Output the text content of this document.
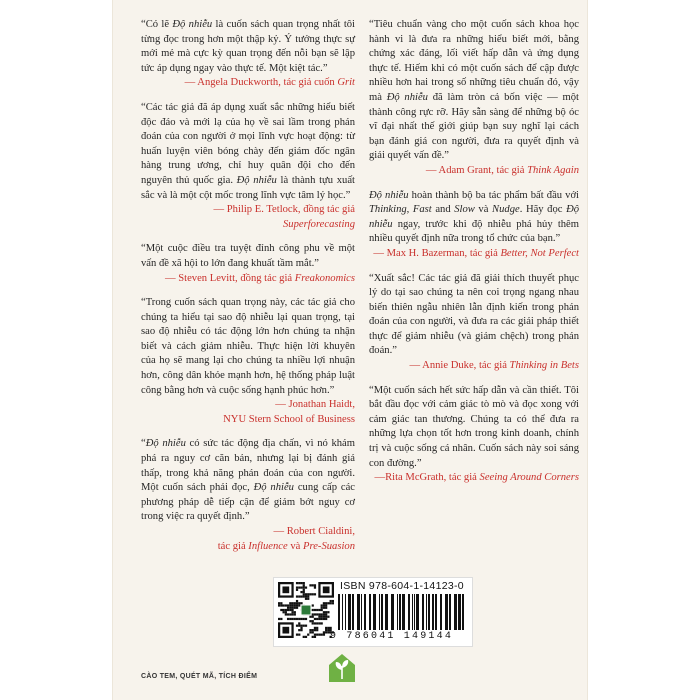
“Có lẽ Độ nhiễu là cuốn sách quan trọng nhất tôi từng đọc trong hơn một thập kỷ. Ý tưởng thực sự mới mẻ mà cực kỳ quan trọng đến nỗi bạn sẽ lập tức áp dụng ngay vào thực tế. Một kiệt tác.”
— Angela Duckworth, tác giả cuốn Grit
“Các tác giả đã áp dụng xuất sắc những hiểu biết độc đáo và mới lạ của họ về sai lầm trong phán đoán của con người ở mọi lĩnh vực hoạt động: từ huấn luyện viên bóng chày đến giám đốc ngân hàng trung ương, chỉ huy quân đội cho đến nguyên thủ quốc gia. Độ nhiễu là thành tựu xuất sắc và là một cột mốc trong lĩnh vực tâm lý học.”
— Philip E. Tetlock, đồng tác giả Superforecasting
“Một cuộc điều tra tuyệt đỉnh công phu về một vấn đề xã hội to lớn đang khuất tầm mắt.”
— Steven Levitt, đồng tác giả Freakonomics
“Trong cuốn sách quan trọng này, các tác giả cho chúng ta hiểu tại sao độ nhiễu lại quan trọng, tại sao độ nhiễu có tác động lớn hơn chúng ta nhận biết và cách giảm nhiễu. Thực hiện lời khuyên của họ sẽ mang lại cho chúng ta nhiều lợi nhuận hơn, công dân khỏe mạnh hơn, hệ thống pháp luật công bằng hơn và cuộc sống hạnh phúc hơn.”
— Jonathan Haidt,
NYU Stern School of Business
“Độ nhiễu có sức tác động địa chấn, vì nó khám phá ra nguy cơ căn bản, nhưng lại bị đánh giá thấp, trong khả năng phán đoán của con người. Một cuốn sách phải đọc, Độ nhiễu cung cấp các phương pháp dễ tiếp cận để giảm bớt nguy cơ trong việc ra quyết định.”
— Robert Cialdini,
tác giả Influence và Pre-Suasion
“Tiêu chuẩn vàng cho một cuốn sách khoa học hành vi là đưa ra những hiểu biết mới, bằng chứng xác đáng, lối viết hấp dẫn và ứng dụng thực tế. Hiếm khi có một cuốn sách để cập được nhiều hơn hai trong số những tiêu chuẩn đó, vậy mà Độ nhiễu đã làm tròn cả bốn việc — một thành công rực rỡ. Hãy sẵn sàng để những bộ óc vĩ đại nhất thế giới giúp bạn suy nghĩ lại cách bạn đánh giá con người, đưa ra quyết định và giải quyết vấn đề.”
— Adam Grant, tác giả Think Again
Độ nhiễu hoàn thành bộ ba tác phẩm bất đầu với Thinking, Fast and Slow và Nudge. Hãy đọc Độ nhiễu ngay, trước khi độ nhiễu phá hủy thêm nhiều quyết định nữa trong tổ chức của bạn.”
— Max H. Bazerman, tác giả Better, Not Perfect
“Xuất sắc! Các tác giả đã giải thích thuyết phục lý do tại sao chúng ta nên coi trọng ngang nhau biến thiên ngẫu nhiên lẫn định kiến trong phán đoán của con người, và đưa ra các giải pháp thiết thực để giảm nhiễu (và giảm chệch) trong phán đoán.”
— Annie Duke, tác giả Thinking in Bets
“Một cuốn sách hết sức hấp dẫn và cần thiết. Tôi bắt đầu đọc với cảm giác tò mò và đọc xong với cảm giác tan thương. Chúng ta có thể đưa ra những lựa chọn tốt hơn trong kinh doanh, chính trị và cuộc sống cá nhân. Cuốn sách này soi sáng con đường.”
—Rita McGrath, tác giả Seeing Around Corners
CÀO TEM, QUÉT MÃ, TÍCH ĐIỂM
ISBN 978-604-1-14123-0
9 786041 149144
